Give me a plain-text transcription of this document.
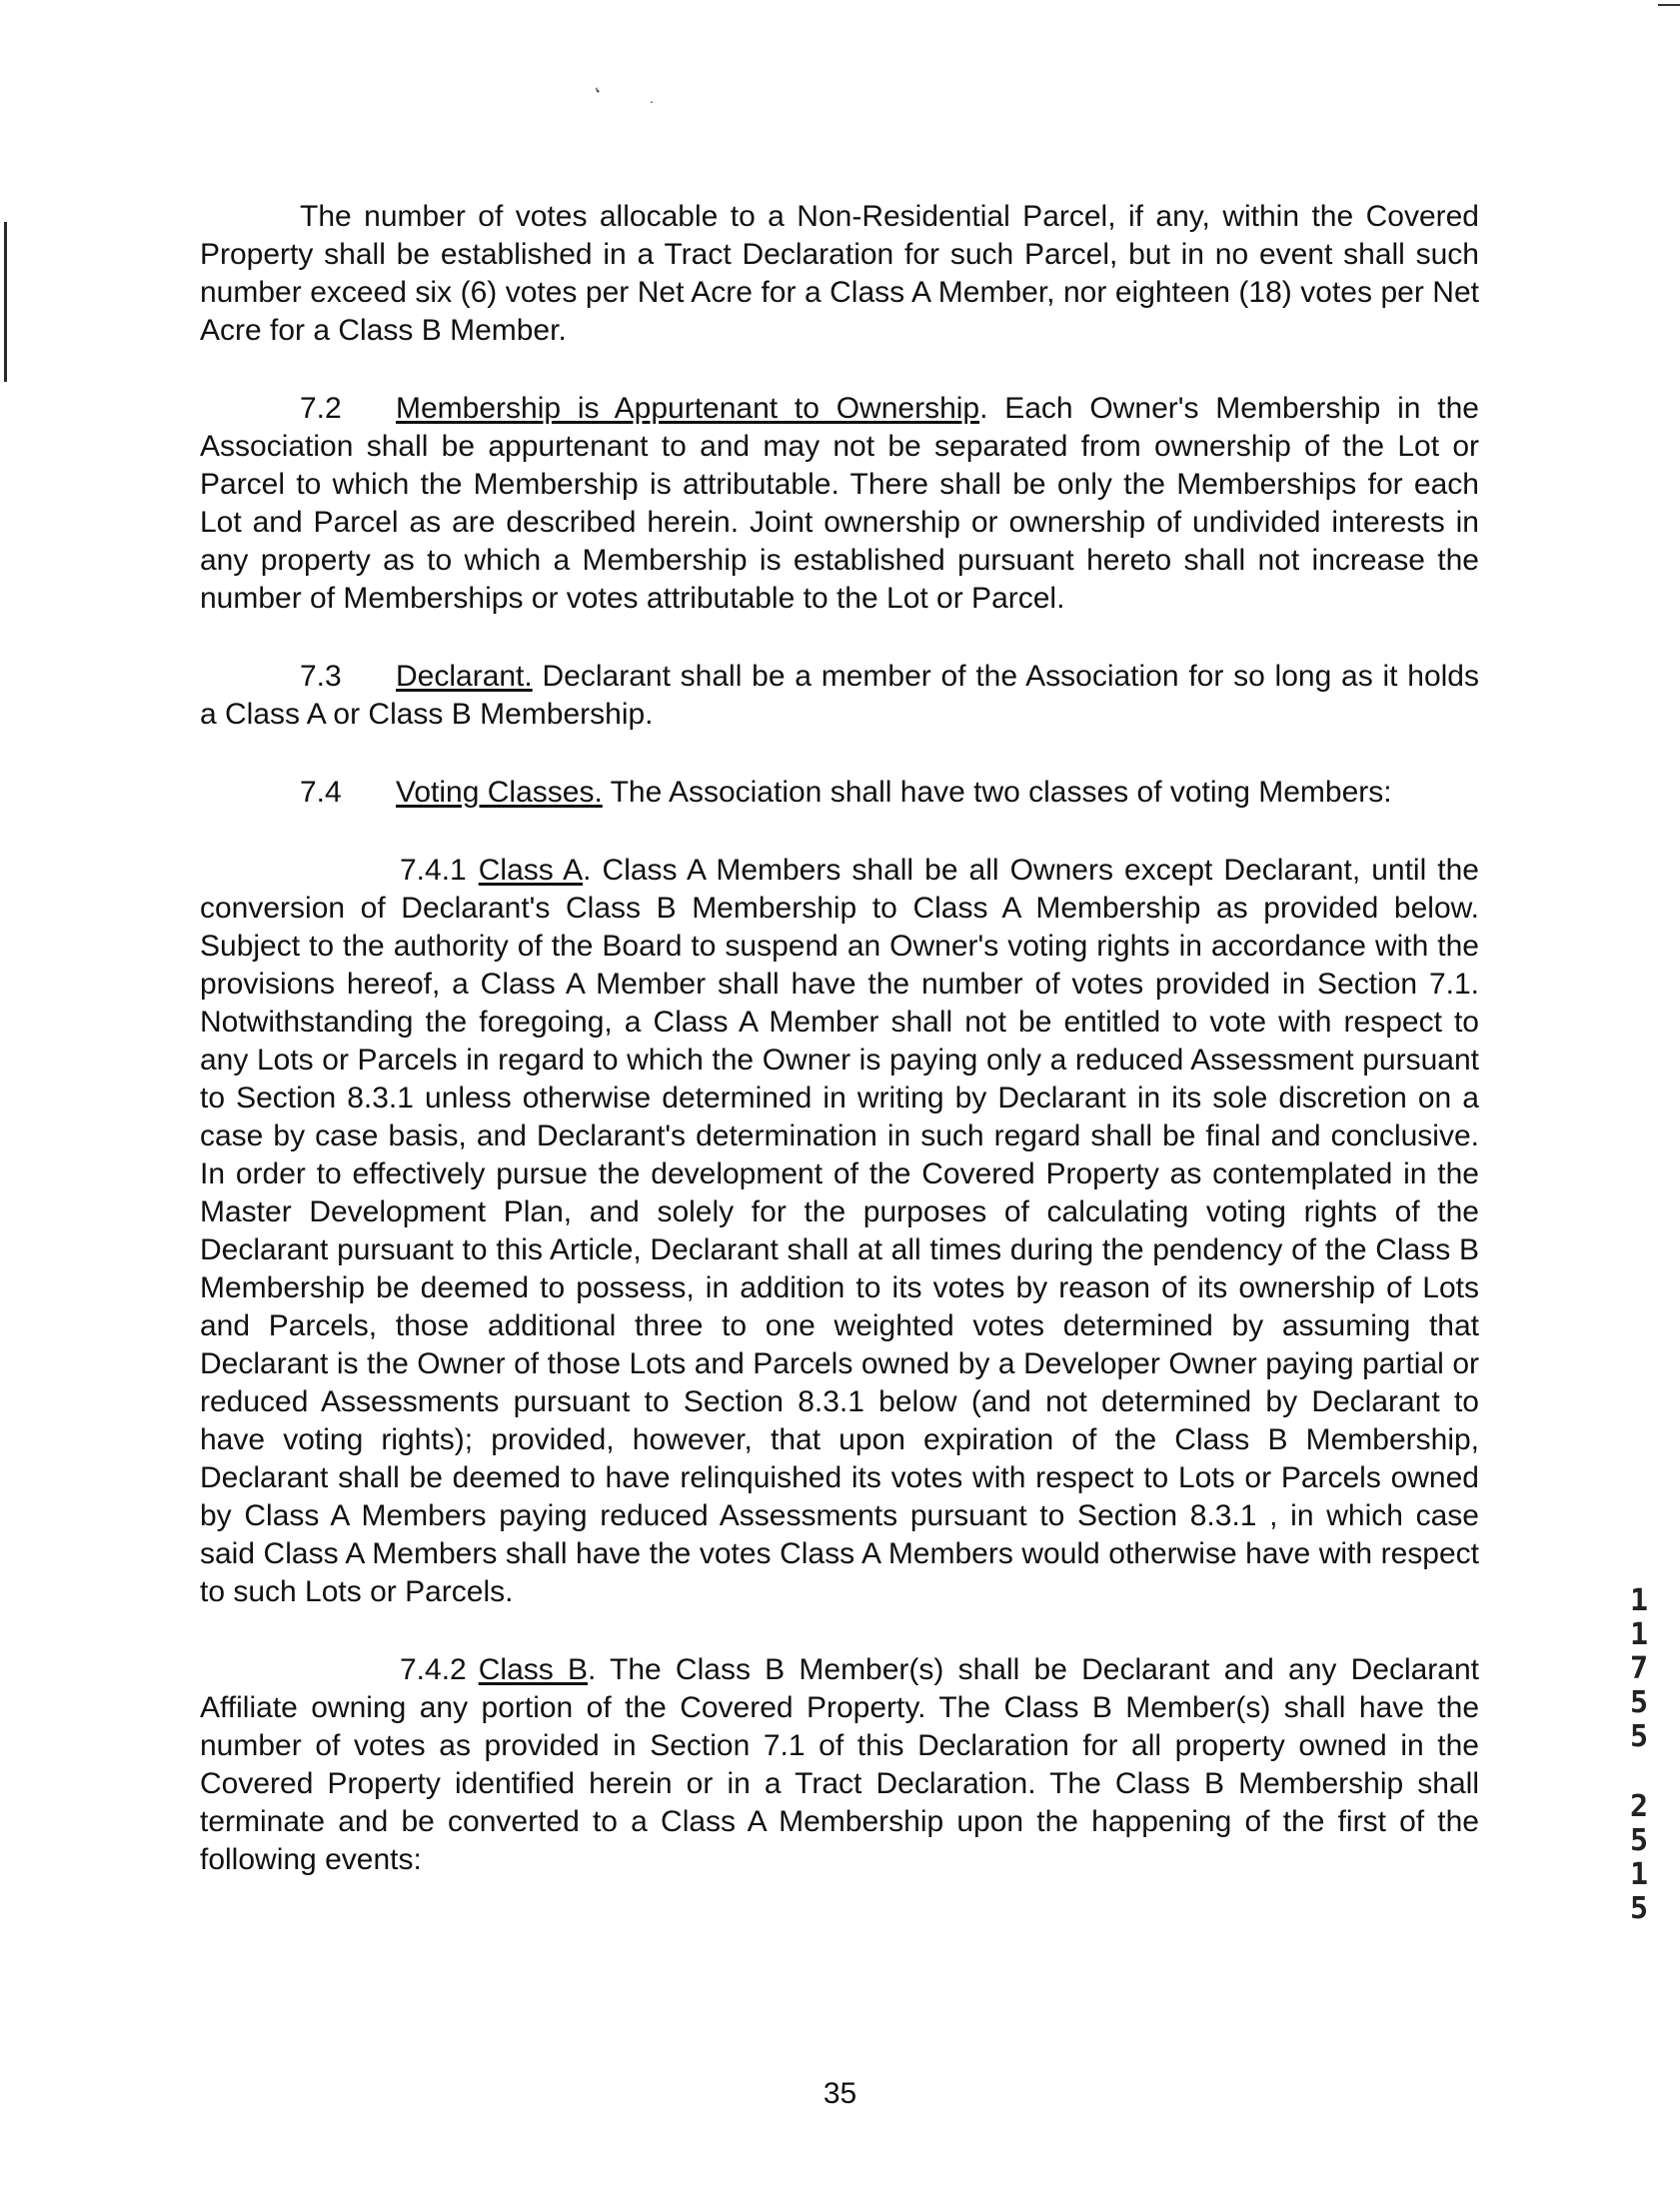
‘	.

The number of votes allocable to a Non-Residential Parcel, if any, within the Covered Property shall be established in a Tract Declaration for such Parcel, but in no event shall such number exceed six (6) votes per Net Acre for a Class A Member, nor eighteen (18) votes per Net Acre for a Class B Member.

7.2 Membership is Appurtenant to Ownership. Each Owner's Membership in the Association shall be appurtenant to and may not be separated from ownership of the Lot or Parcel to which the Membership is attributable. There shall be only the Memberships for each Lot and Parcel as are described herein. Joint ownership or ownership of undivided interests in any property as to which a Membership is established pursuant hereto shall not increase the number of Memberships or votes attributable to the Lot or Parcel.

7.3 Declarant. Declarant shall be a member of the Association for so long as it holds a Class A or Class B Membership.

7.4 Voting Classes. The Association shall have two classes of voting Members:

7.4.1 Class A. Class A Members shall be all Owners except Declarant, until the conversion of Declarant's Class B Membership to Class A Membership as provided below. Subject to the authority of the Board to suspend an Owner's voting rights in accordance with the provisions hereof, a Class A Member shall have the number of votes provided in Section 7.1. Notwithstanding the foregoing, a Class A Member shall not be entitled to vote with respect to any Lots or Parcels in regard to which the Owner is paying only a reduced Assessment pursuant to Section 8.3.1 unless otherwise determined in writing by Declarant in its sole discretion on a case by case basis, and Declarant's determination in such regard shall be final and conclusive. In order to effectively pursue the development of the Covered Property as contemplated in the Master Development Plan, and solely for the purposes of calculating voting rights of the Declarant pursuant to this Article, Declarant shall at all times during the pendency of the Class B Membership be deemed to possess, in addition to its votes by reason of its ownership of Lots and Parcels, those additional three to one weighted votes determined by assuming that Declarant is the Owner of those Lots and Parcels owned by a Developer Owner paying partial or reduced Assessments pursuant to Section 8.3.1 below (and not determined by Declarant to have voting rights); provided, however, that upon expiration of the Class B Membership, Declarant shall be deemed to have relinquished its votes with respect to Lots or Parcels owned by Class A Members paying reduced Assessments pursuant to Section 8.3.1 , in which case said Class A Members shall have the votes Class A Members would otherwise have with respect to such Lots or Parcels.

7.4.2 Class B. The Class B Member(s) shall be Declarant and any Declarant Affiliate owning any portion of the Covered Property. The Class B Member(s) shall have the number of votes as provided in Section 7.1 of this Declaration for all property owned in the Covered Property identified herein or in a Tract Declaration. The Class B Membership shall terminate and be converted to a Class A Membership upon the happening of the first of the following events:

1
1
7
5
5
2
5
1
5
35
